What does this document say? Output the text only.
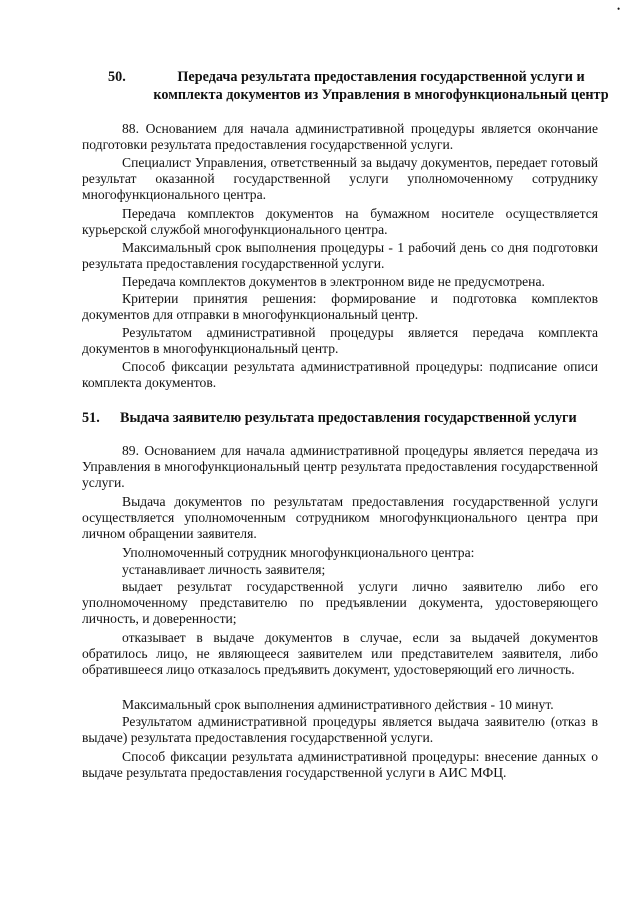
•
50.	Передача результата предоставления государственной услуги и комплекта документов из Управления в многофункциональный центр

88. Основанием для начала административной процедуры является окончание подготовки результата предоставления государственной услуги.

Специалист Управления, ответственный за выдачу документов, передает готовый результат оказанной государственной услуги уполномоченному сотруднику многофункционального центра.

Передача комплектов документов на бумажном носителе осуществляется курьерской службой многофункционального центра.

Максимальный срок выполнения процедуры - 1 рабочий день со дня подготовки результата предоставления государственной услуги.

Передача комплектов документов в электронном виде не предусмотрена.

Критерии принятия решения: формирование и подготовка комплектов документов для отправки в многофункциональный центр.

Результатом административной процедуры является передача комплекта документов в многофункциональный центр.

Способ фиксации результата административной процедуры: подписание описи комплекта документов.

51. Выдача заявителю результата предоставления государственной услуги

89. Основанием для начала административной процедуры является передача из Управления в многофункциональный центр результата предоставления государственной услуги.

Выдача документов по результатам предоставления государственной услуги осуществляется уполномоченным сотрудником многофункционального центра при личном обращении заявителя.

Уполномоченный сотрудник многофункционального центра:

устанавливает личность заявителя;

выдает результат государственной услуги лично заявителю либо его уполномоченному представителю по предъявлении документа, удостоверяющего личность, и доверенности;

отказывает в выдаче документов в случае, если за выдачей документов обратилось лицо, не являющееся заявителем или представителем заявителя, либо обратившееся лицо отказалось предъявить документ, удостоверяющий его личность.

Максимальный срок выполнения административного действия - 10 минут.

Результатом административной процедуры является выдача заявителю (отказ в выдаче) результата предоставления государственной услуги.

Способ фиксации результата административной процедуры: внесение данных о выдаче результата предоставления государственной услуги в АИС МФЦ.
